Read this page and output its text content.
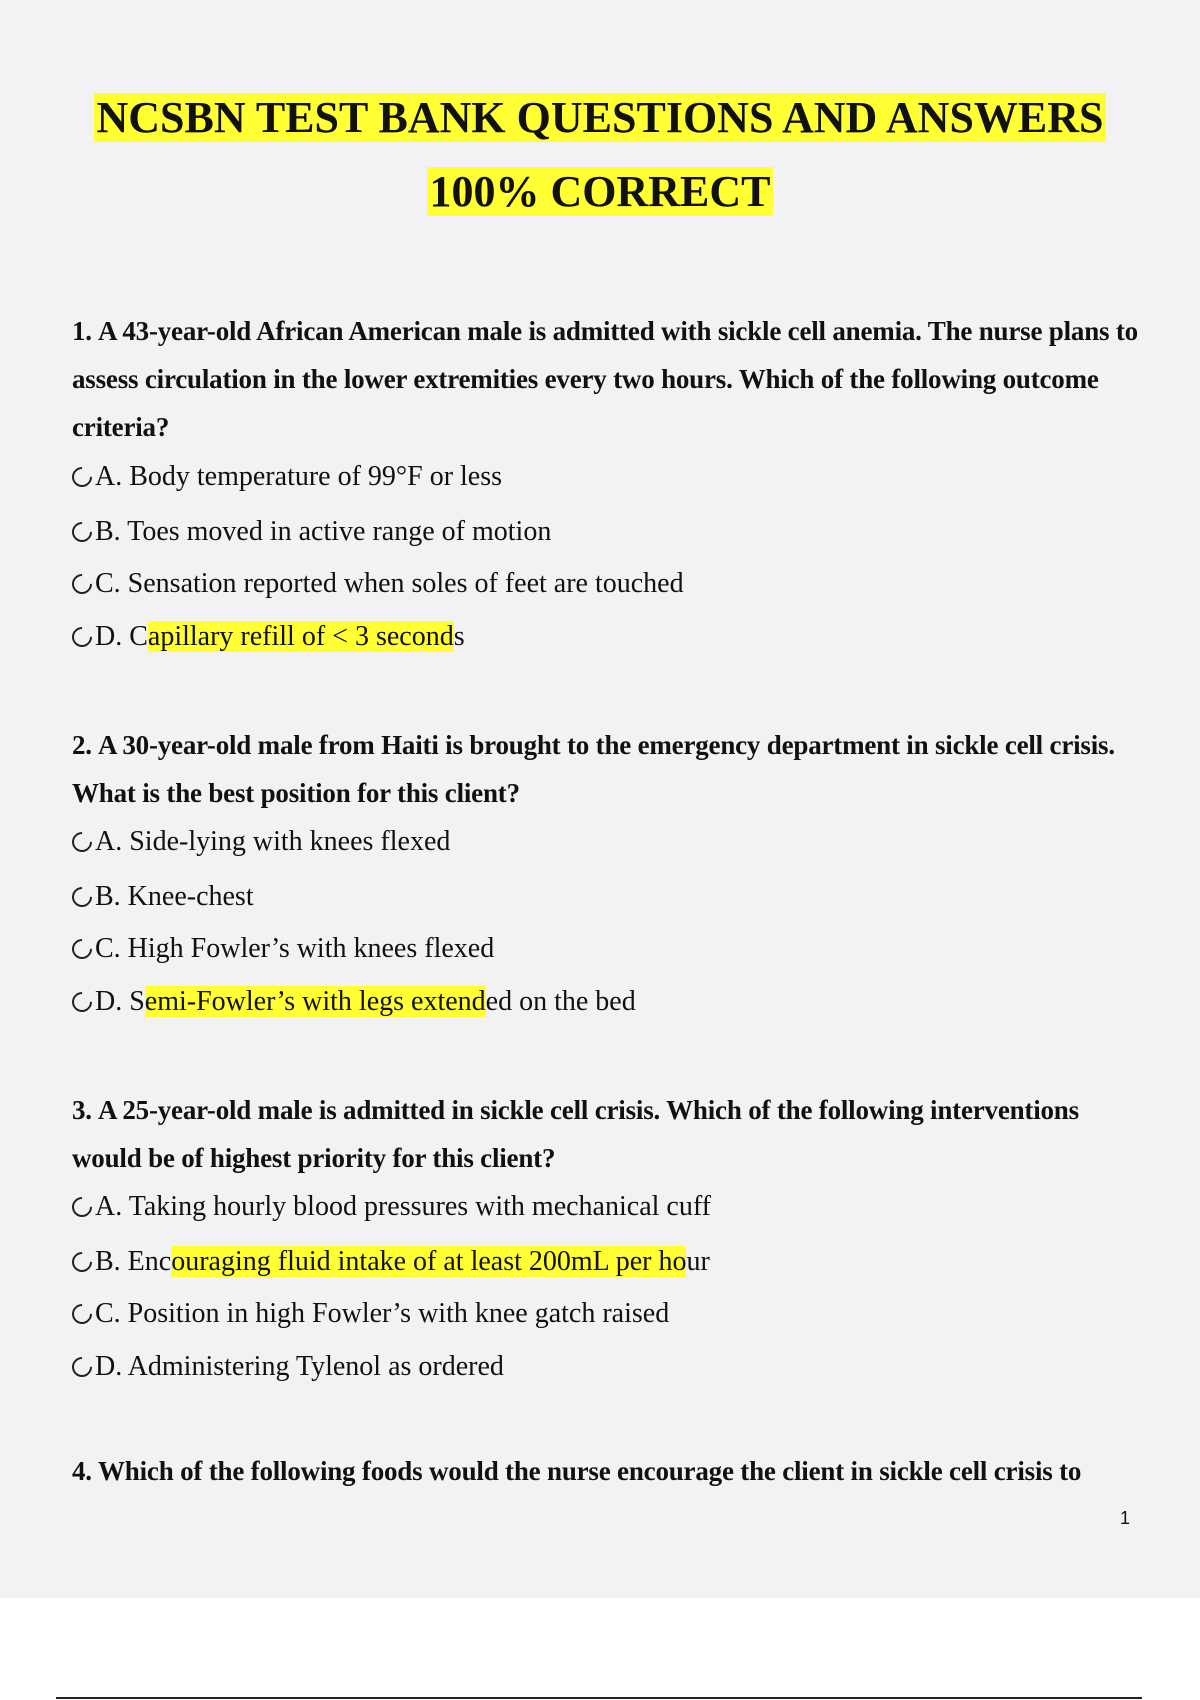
NCSBN TEST BANK QUESTIONS AND ANSWERS
100% CORRECT
1. A 43-year-old African American male is admitted with sickle cell anemia. The nurse plans to assess circulation in the lower extremities every two hours. Which of the following outcome criteria?
A. Body temperature of 99°F or less
B. Toes moved in active range of motion
C. Sensation reported when soles of feet are touched
D. Capillary refill of < 3 seconds
2. A 30-year-old male from Haiti is brought to the emergency department in sickle cell crisis. What is the best position for this client?
A. Side-lying with knees flexed
B. Knee-chest
C. High Fowler’s with knees flexed
D. Semi-Fowler’s with legs extended on the bed
3. A 25-year-old male is admitted in sickle cell crisis. Which of the following interventions would be of highest priority for this client?
A. Taking hourly blood pressures with mechanical cuff
B. Encouraging fluid intake of at least 200mL per hour
C. Position in high Fowler’s with knee gatch raised
D. Administering Tylenol as ordered
4. Which of the following foods would the nurse encourage the client in sickle cell crisis to
1
